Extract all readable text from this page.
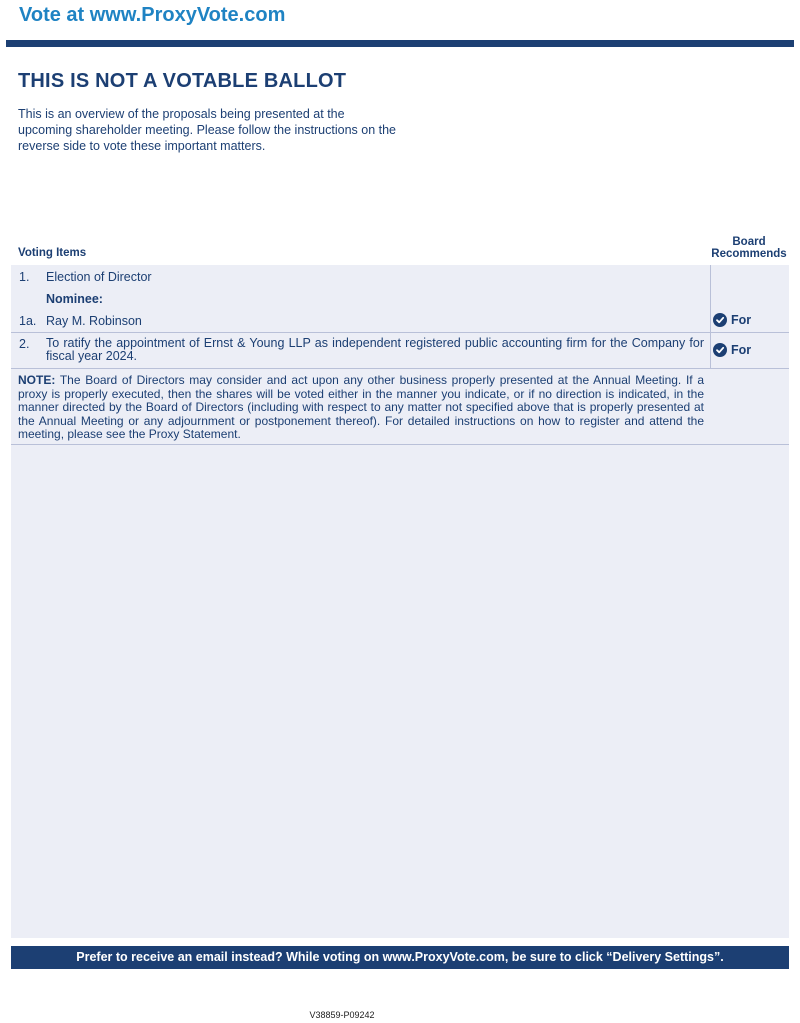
Vote at www.ProxyVote.com
THIS IS NOT A VOTABLE BALLOT
This is an overview of the proposals being presented at the upcoming shareholder meeting. Please follow the instructions on the reverse side to vote these important matters.
Voting Items
Board
Recommends
1. Election of Director
Nominee:
1a. Ray M. Robinson	For
2. To ratify the appointment of Ernst & Young LLP as independent registered public accounting firm for the Company for fiscal year 2024.	For
NOTE: The Board of Directors may consider and act upon any other business properly presented at the Annual Meeting. If a proxy is properly executed, then the shares will be voted either in the manner you indicate, or if no direction is indicated, in the manner directed by the Board of Directors (including with respect to any matter not specified above that is properly presented at the Annual Meeting or any adjournment or postponement thereof). For detailed instructions on how to register and attend the meeting, please see the Proxy Statement.
Prefer to receive an email instead? While voting on www.ProxyVote.com, be sure to click “Delivery Settings”.
V38859-P09242
